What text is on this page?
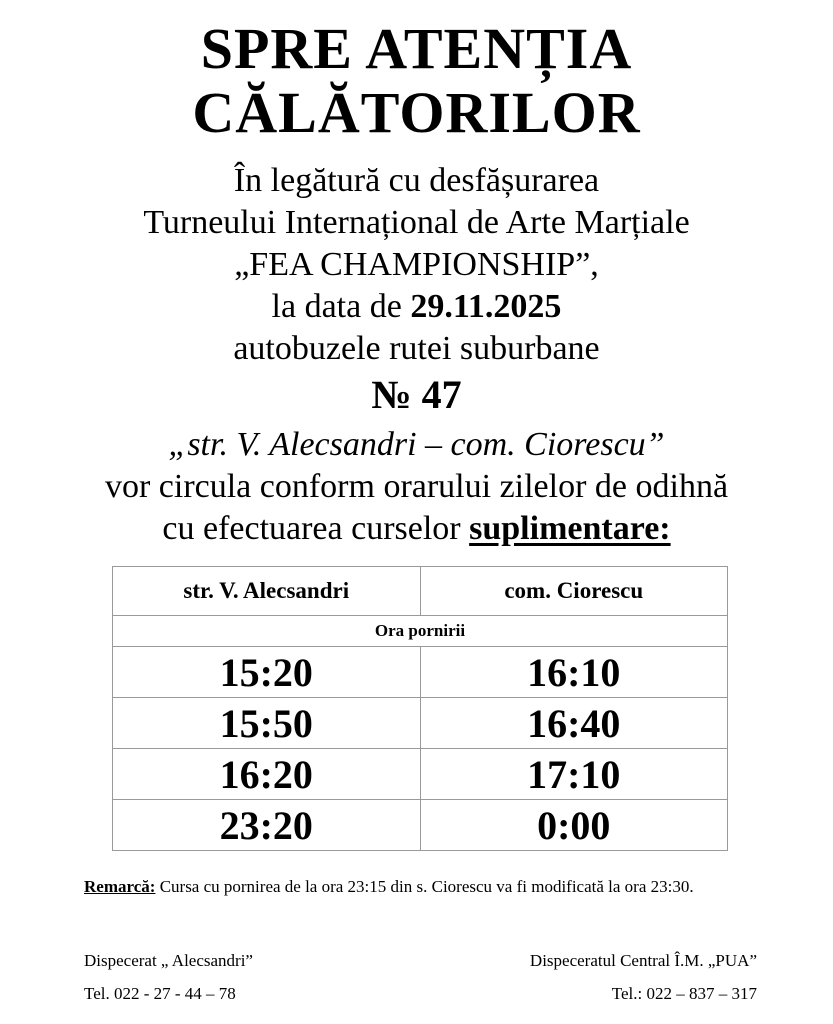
SPRE ATENȚIA
CĂLĂTORILOR
În legătură cu desfășurarea
Turneului Internațional de Arte Marțiale
„FEA CHAMPIONSHIP”,
la data de 29.11.2025
autobuzele rutei suburbane
№ 47
„str. V. Alecsandri – com. Ciorescu”
vor circula conform orarului zilelor de odihnă
cu efectuarea curselor suplimentare:
str. V. Alecsandri	com. Ciorescu
Ora pornirii	
15:20	16:10
15:50	16:40
16:20	17:10
23:20	0:00
Remarcă: Cursa cu pornirea de la ora 23:15 din s. Ciorescu va fi modificată la ora 23:30.
Dispecerat „ Alecsandri”
Tel. 022 - 27 - 44 – 78
Dispeceratul Central Î.M. „PUA”
Tel.: 022 – 837 – 317
